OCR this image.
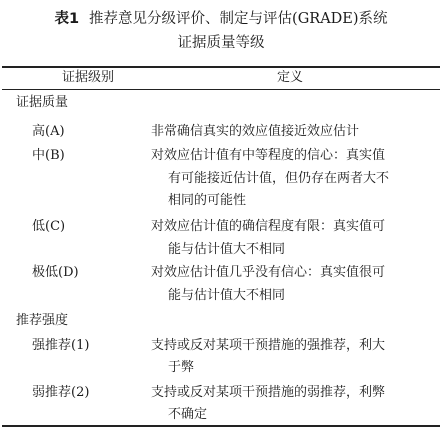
表1 推荐意见分级评价、制定与评估(GRADE)系统
证据质量等级
证据级别	定义
证据质量
高(A)	非常确信真实的效应值接近效应估计
中(B)	对效应估计值有中等程度的信心：真实值
有可能接近估计值，但仍存在两者大不
相同的可能性
低(C)	对效应估计值的确信程度有限：真实值可
能与估计值大不相同
极低(D)	对效应估计值几乎没有信心：真实值很可
能与估计值大不相同
推荐强度
强推荐(1)	支持或反对某项干预措施的强推荐，利大
于弊
弱推荐(2)	支持或反对某项干预措施的弱推荐，利弊
不确定
